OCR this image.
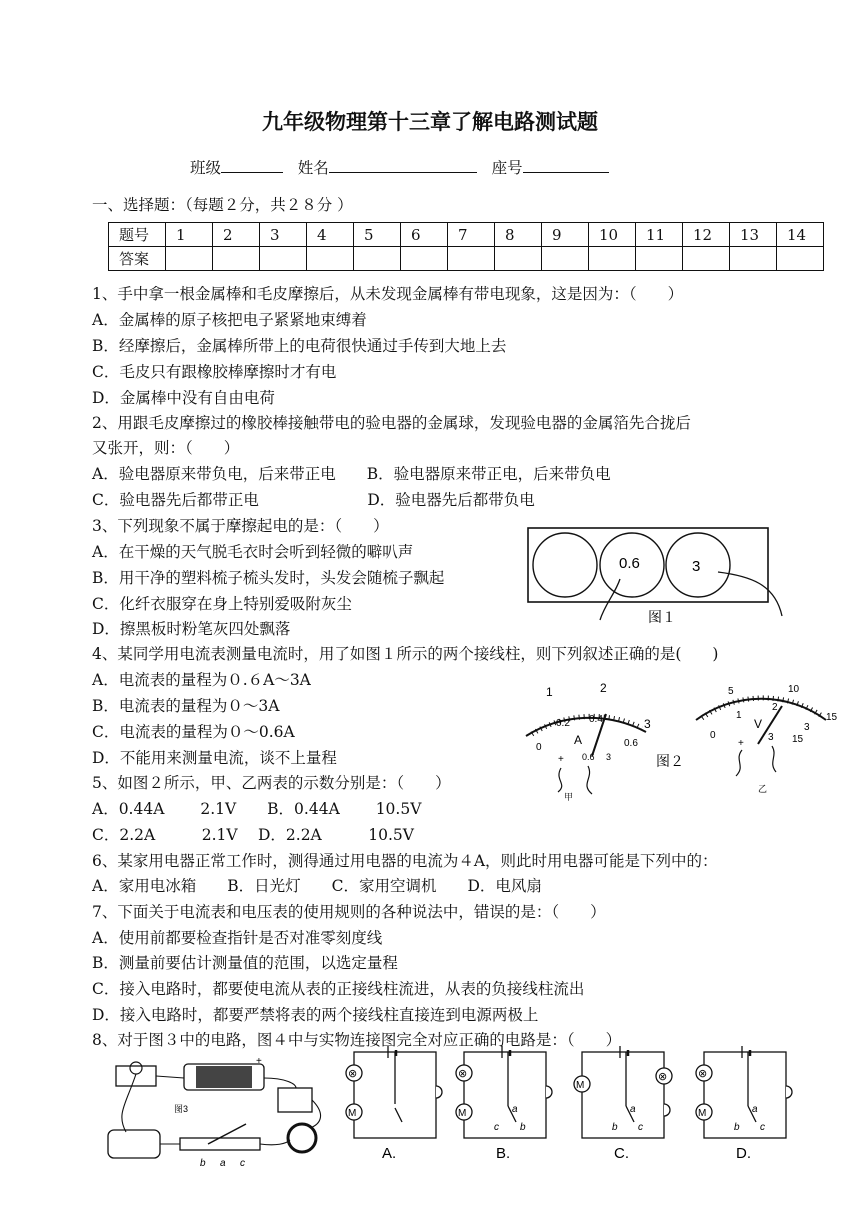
九年级物理第十三章了解电路测试题
班级	姓名	座号
一、选择题：（每题２分，共２８分 ）
题号	1	2	3	4	5	6	7	8	9	10	11	12	13	14
答案														
1、手中拿一根金属棒和毛皮摩擦后，从未发现金属棒有带电现象，这是因为：（　　）
A．金属棒的原子核把电子紧紧地束缚着
B．经摩擦后，金属棒所带上的电荷很快通过手传到大地上去
C．毛皮只有跟橡胶棒摩擦时才有电
D．金属棒中没有自由电荷
2、用跟毛皮摩擦过的橡胶棒接触带电的验电器的金属球，发现验电器的金属箔先合拢后
又张开，则：（　　）
A．验电器原来带负电，后来带正电　　B．验电器原来带正电，后来带负电
C．验电器先后都带正电　　　　　　　D．验电器先后都带负电
3、下列现象不属于摩擦起电的是：（　　）
A．在干燥的天气脱毛衣时会听到轻微的噼叭声
B．用干净的塑料梳子梳头发时，头发会随梳子飘起
C．化纤衣服穿在身上特别爱吸附灰尘
D．擦黑板时粉笔灰四处飘落
4、某同学用电流表测量电流时，用了如图１所示的两个接线柱，则下列叙述正确的是(　　)
A．电流表的量程为０.６A～3A
B．电流表的量程为０～3A
C．电流表的量程为０～0.6A
D．不能用来测量电流，谈不上量程
5、如图２所示，甲、乙两表的示数分别是：（　　）
A．0.44A　　 2.1V　　B．0.44A　　 10.5V
C．2.2A　　　2.1V　 D．2.2A　　　10.5V
6、某家用电器正常工作时，测得通过用电器的电流为４A，则此时用电器可能是下列中的：
A．家用电冰箱　　B．日光灯　　C．家用空调机　　D．电风扇
7、下面关于电流表和电压表的使用规则的各种说法中，错误的是：（　　）
A．使用前都要检查指针是否对准零刻度线
B．测量前要估计测量值的范围，以选定量程
C．接入电路时，都要使电流从表的正接线柱流进，从表的负接线柱流出
D．接入电路时，都要严禁将表的两个接线柱直接连到电源两极上
8、对于图３中的电路，图４中与实物连接图完全对应正确的电路是：（　　）
0.6	3
图１
0
0.2 0.4
0.6
1	2
3
A
+ 0.6 3
甲
图２
0
1
2
3
5	10
15
V
+
3 15
乙
+
图3
b a c
⊗
M
A.
⊗
M	a
c b
B.
M
⊗
a
b c
C.
⊗
M	a
b c
D.
